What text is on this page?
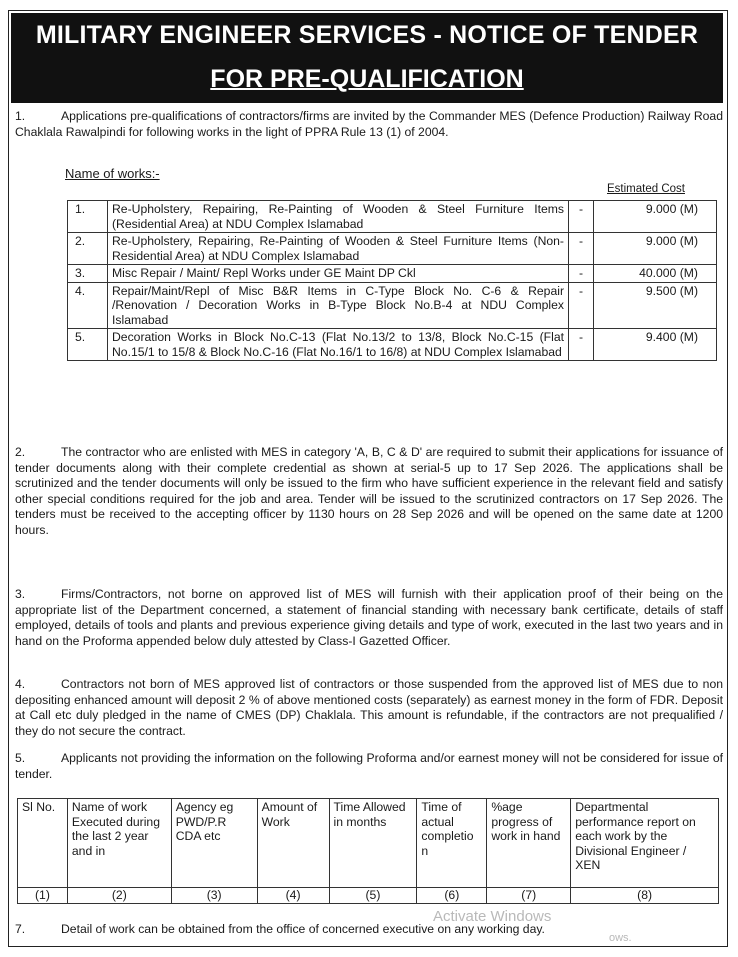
MILITARY ENGINEER SERVICES - NOTICE OF TENDER
FOR PRE-QUALIFICATION
1.	Applications pre-qualifications of contractors/firms are invited by the Commander MES (Defence Production) Railway Road Chaklala Rawalpindi for following works in the light of PPRA Rule 13 (1) of 2004.
Name of works:-
Estimated Cost
1.	Re-Upholstery, Repairing, Re-Painting of Wooden & Steel Furniture Items (Residential Area) at NDU Complex Islamabad	-	9.000 (M)
2.	Re-Upholstery, Repairing, Re-Painting of Wooden & Steel Furniture Items (Non-Residential Area) at NDU Complex Islamabad	-	9.000 (M)
3.	Misc Repair / Maint/ Repl Works under GE Maint DP Ckl	-	40.000 (M)
4.	Repair/Maint/Repl of Misc B&R Items in C-Type Block No. C-6 & Repair /Renovation / Decoration Works in B-Type Block No.B-4 at NDU Complex Islamabad	-	9.500 (M)
5.	Decoration Works in Block No.C-13 (Flat No.13/2 to 13/8, Block No.C-15 (Flat No.15/1 to 15/8 & Block No.C-16 (Flat No.16/1 to 16/8) at NDU Complex Islamabad	-	9.400 (M)
2.	The contractor who are enlisted with MES in category 'A, B, C & D' are required to submit their applications for issuance of tender documents along with their complete credential as shown at serial-5 up to 17 Sep 2026. The applications shall be scrutinized and the tender documents will only be issued to the firm who have sufficient experience in the relevant field and satisfy other special conditions required for the job and area. Tender will be issued to the scrutinized contractors on 17 Sep 2026. The tenders must be received to the accepting officer by 1130 hours on 28 Sep 2026 and will be opened on the same date at 1200 hours.
3.	Firms/Contractors, not borne on approved list of MES will furnish with their application proof of their being on the appropriate list of the Department concerned, a statement of financial standing with necessary bank certificate, details of staff employed, details of tools and plants and previous experience giving details and type of work, executed in the last two years and in hand on the Proforma appended below duly attested by Class-I Gazetted Officer.
4.	Contractors not born of MES approved list of contractors or those suspended from the approved list of MES due to non depositing enhanced amount will deposit 2 % of above mentioned costs (separately) as earnest money in the form of FDR. Deposit at Call etc duly pledged in the name of CMES (DP) Chaklala. This amount is refundable, if the contractors are not prequalified / they do not secure the contract.
5.	Applicants not providing the information on the following Proforma and/or earnest money will not be considered for issue of tender.
Sl No.	Name of work Executed during the last 2 year and in	Agency eg PWD/P.R CDA etc	Amount of Work	Time Allowed in months	Time of actual completio n	%age progress of work in hand	Departmental performance report on each work by the Divisional Engineer / XEN
(1)	(2)	(3)	(4)	(5)	(6)	(7)	(8)
7.	Detail of work can be obtained from the office of concerned executive on any working day.
Activate Windows
ows.
